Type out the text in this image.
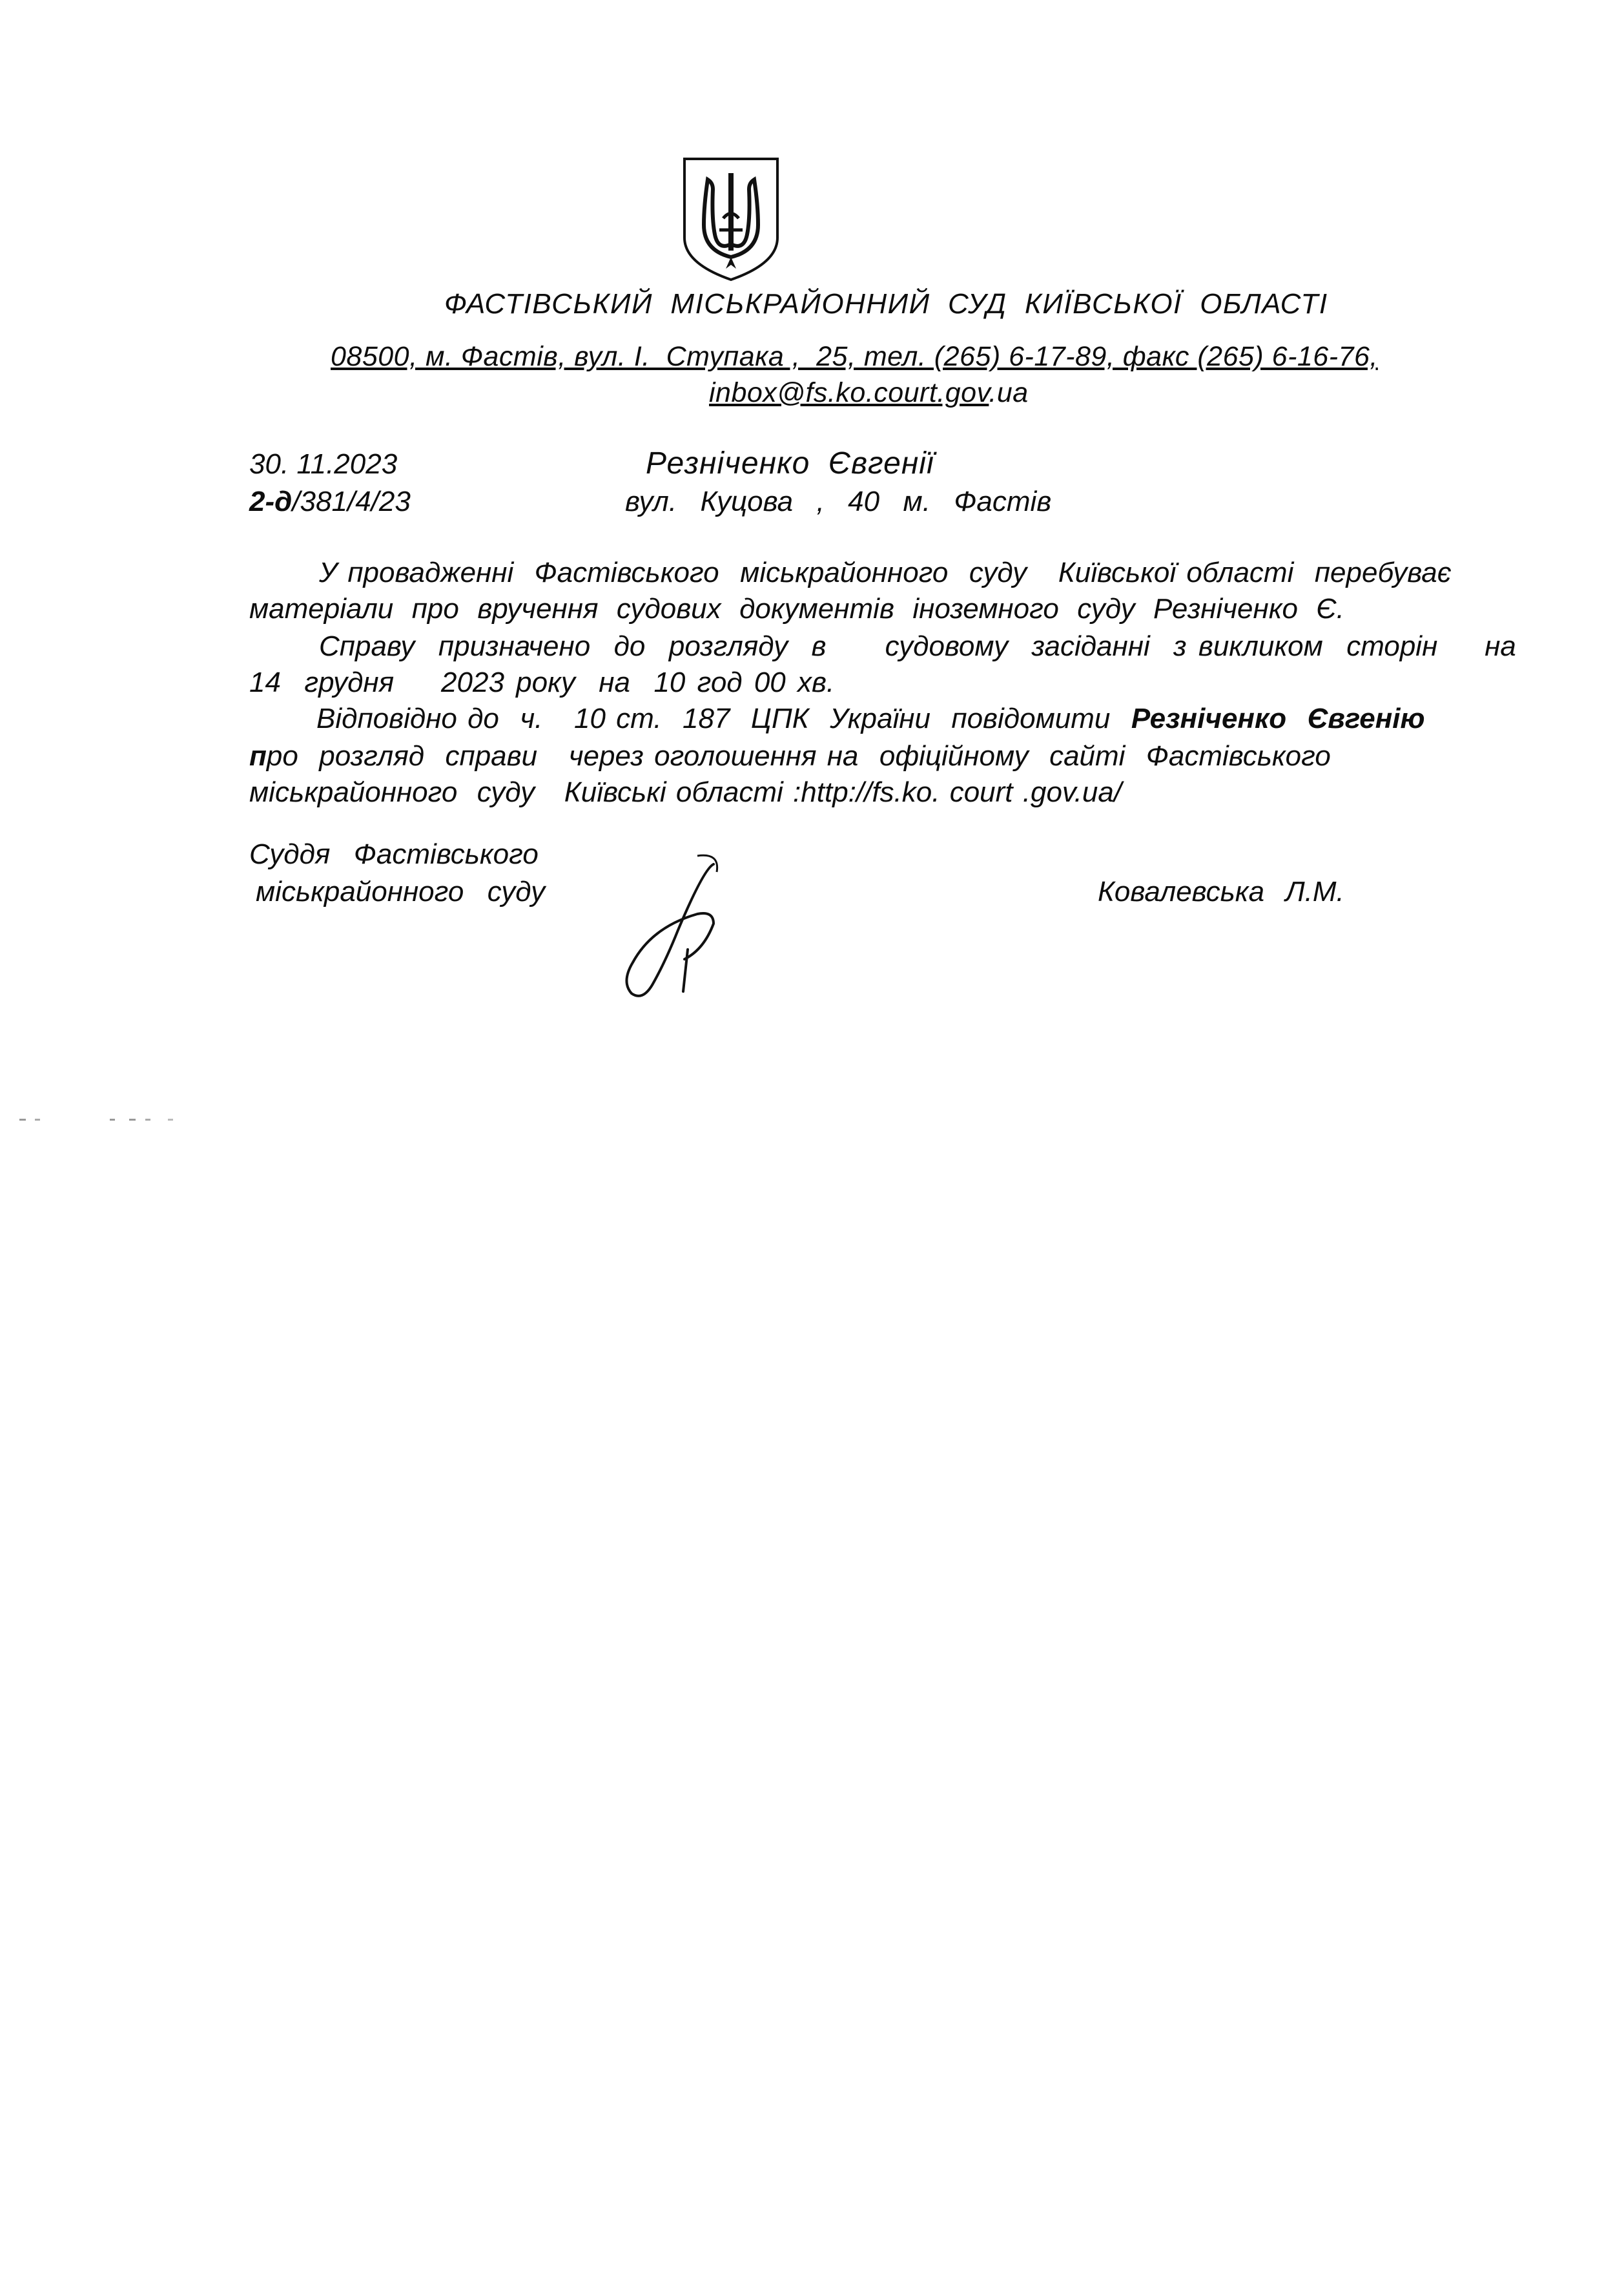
ФАСТІВСЬКИЙ  МІСЬКРАЙОННИЙ  СУД  КИЇВСЬКОЇ  ОБЛАСТІ
08500, м. Фастів, вул. І.  Ступака ,  25, тел. (265) 6-17-89, факс (265) 6-16-76,
inbox@fs.ko.court.gov.ua
30. 11.2023
2-д/381/4/23
Резніченко  Євгенії
вул.  Куцова  ,  40  м.  Фастів
У провадженні  Фастівського  міськрайонного  суду   Київської області  перебуває
матеріали  про  вручення  судових  документів  іноземного  суду  Резніченко  Є.
Справу  призначено  до  розгляду  в     судовому  засіданні  з викликом  сторін    на
14  грудня    2023 року  на  10 год 00 хв.
Відповідно до  ч.   10 ст.  187  ЦПК  України  повідомити  Резніченко  Євгенію
про  розгляд  справи   через оголошення на  офіційному  сайті  Фастівського
міськрайонного  суду   Київські області :http://fs.ko. court .gov.ua/
Суддя  Фастівського
міськрайонного  суду	Ковалевська  Л.М.
